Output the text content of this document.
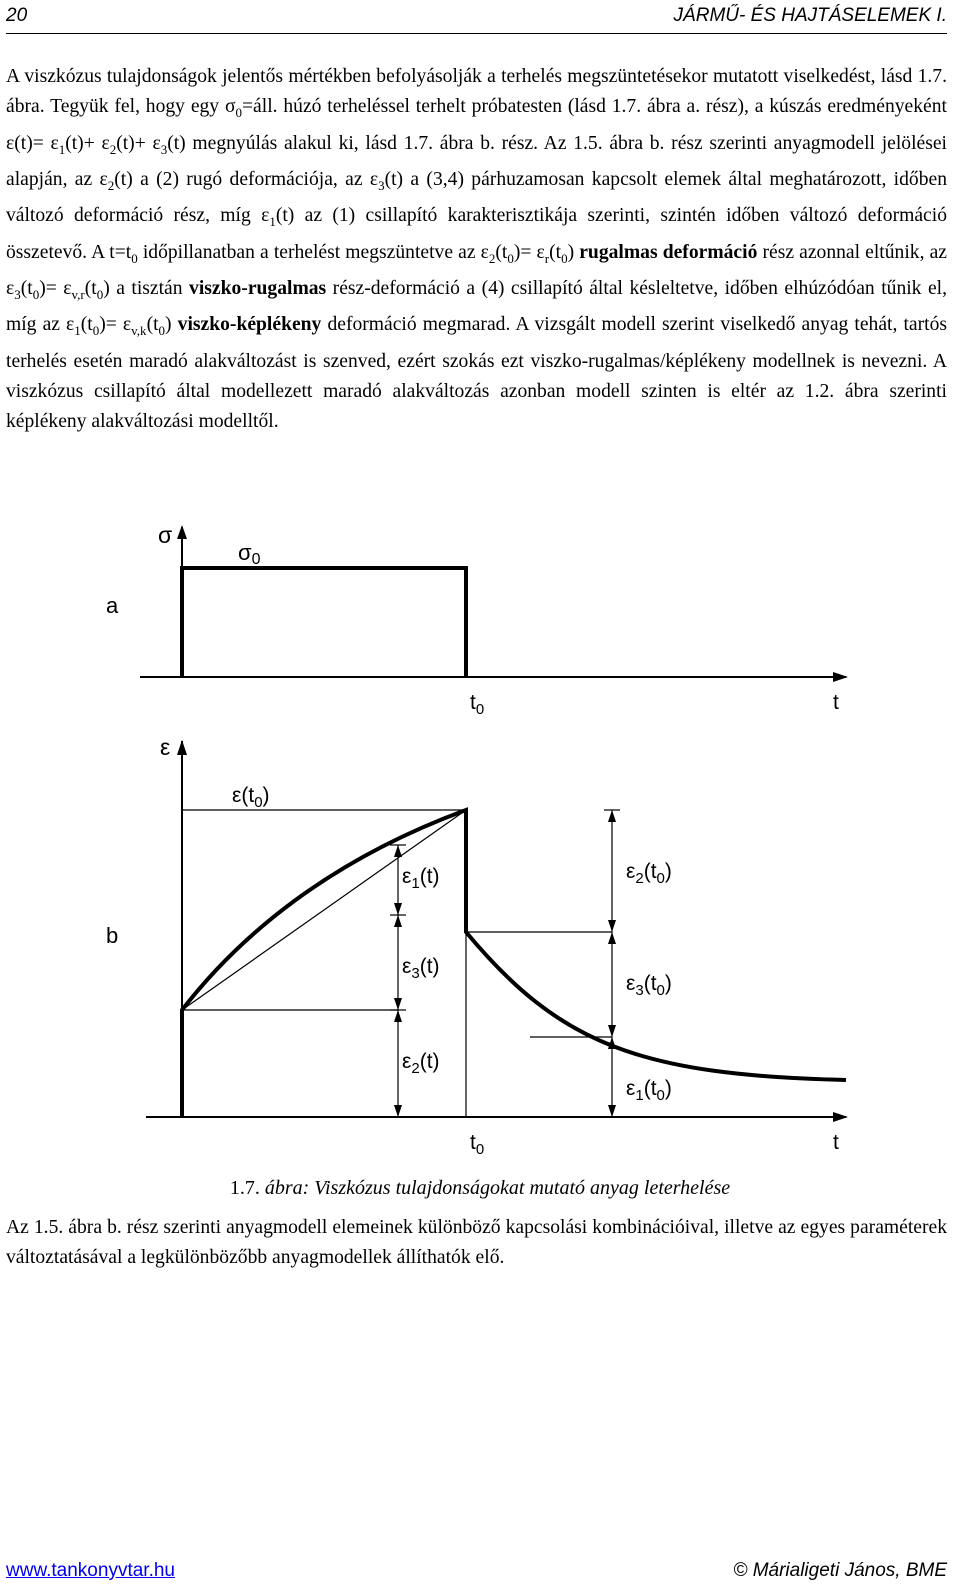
20	JÁRMŰ- ÉS HAJTÁSELEMEK I.

A viszkózus tulajdonságok jelentős mértékben befolyásolják a terhelés megszüntetésekor mutatott viselkedést, lásd 1.7. ábra. Tegyük fel, hogy egy $\sigma_0=áll$. húzó terheléssel terhelt próbatesten (lásd 1.7. ábra a. rész), a kúszás eredményeként $\varepsilon(t)= \varepsilon_1(t)+ \varepsilon_2(t)+ \varepsilon_3(t)$ megnyúlás alakul ki, lásd 1.7. ábra b. rész. Az 1.5. ábra b. rész szerinti anyagmodell jelölései alapján, az $\varepsilon_2(t)$ a (2) rugó deformációja, az $\varepsilon_3(t)$ a (3,4) párhuzamosan kapcsolt elemek által meghatározott, időben változó deformáció rész, míg $\varepsilon_1(t)$ az (1) csillapító karakterisztikája szerinti, szintén időben változó deformáció összetevő. A $t=t_0$ időpillanatban a terhelést megszüntetve az $\varepsilon_2(t_0)= \varepsilon_r(t_0)$ rugalmas deformáció rész azonnal eltűnik, az $\varepsilon_3(t_0)= \varepsilon_{v,r}(t_0)$ a tisztán viszko-rugalmas rész-deformáció a (4) csillapító által késleltetve, időben elhúzódóan tűnik el, míg az $\varepsilon_1(t_0)= \varepsilon_{v,k}(t_0)$ viszko-képlékeny deformáció megmarad. A vizsgált modell szerint viselkedő anyag tehát, tartós terhelés esetén maradó alakváltozást is szenved, ezért szokás ezt viszko-rugalmas/képlékeny modellnek is nevezni. A viszkózus csillapító által modellezett maradó alakváltozás azonban modell szinten is eltér az 1.2. ábra szerinti képlékeny alakváltozási modelltől.

σ
σ0
a
$t_0$	t
ε
$\varepsilon(t_0)$
$\varepsilon_1(t)$
$\varepsilon_3(t)$
$\varepsilon_2(t)$
$\varepsilon_2(t_0)$
$\varepsilon_3(t_0)$
$\varepsilon_1(t_0)$
b
$t_0$	t
1.7. ábra: Viszkózus tulajdonságokat mutató anyag leterhelése

Az 1.5. ábra b. rész szerinti anyagmodell elemeinek különböző kapcsolási kombinációival, illetve az egyes paraméterek változtatásával a legkülönbözőbb anyagmodellek állíthatók elő.

www.tankonyvtar.hu	© Márialigeti János, BME
